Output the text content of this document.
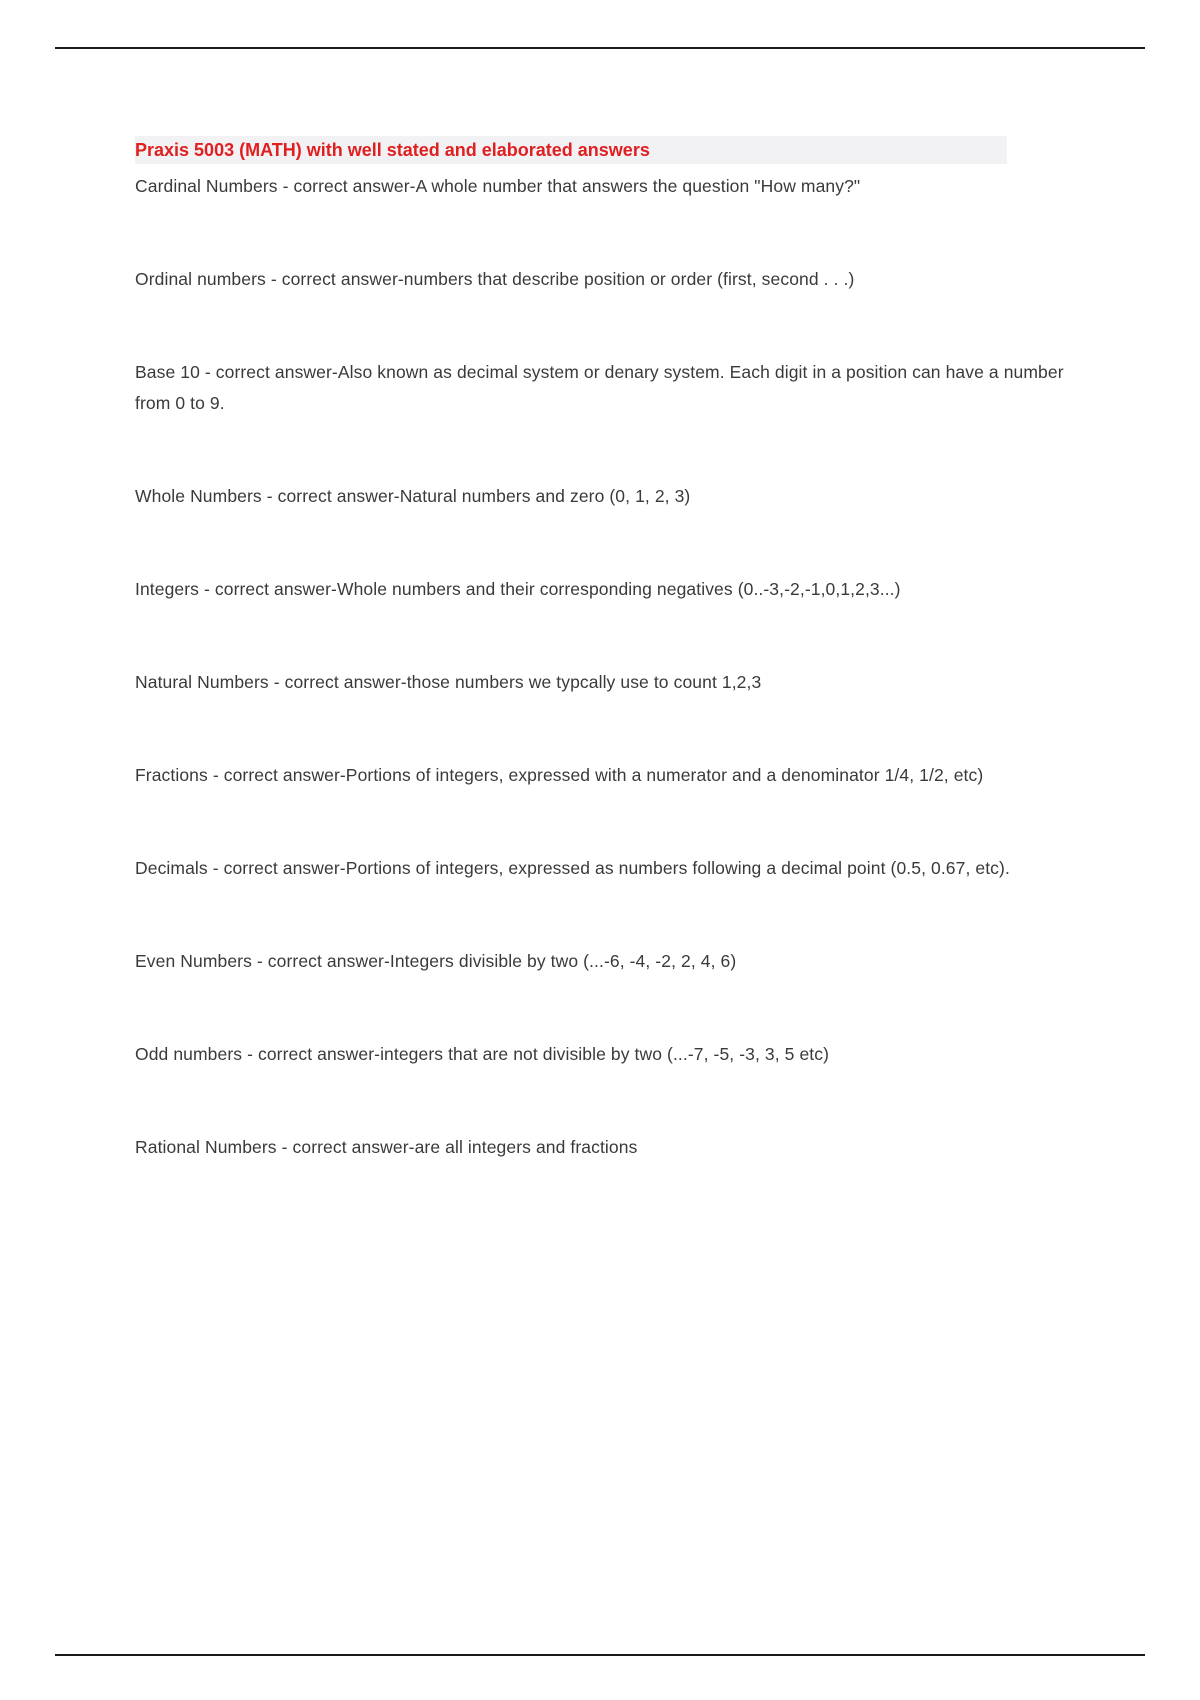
Praxis 5003 (MATH) with well stated and elaborated answers

Cardinal Numbers - correct answer-A whole number that answers the question "How many?"

Ordinal numbers - correct answer-numbers that describe position or order (first, second . . .)

Base 10 - correct answer-Also known as decimal system or denary system. Each digit in a position can have a number from 0 to 9.

Whole Numbers - correct answer-Natural numbers and zero (0, 1, 2, 3)

Integers - correct answer-Whole numbers and their corresponding negatives (0..-3,-2,-1,0,1,2,3...)

Natural Numbers - correct answer-those numbers we typcally use to count 1,2,3

Fractions - correct answer-Portions of integers, expressed with a numerator and a denominator 1/4, 1/2, etc)

Decimals - correct answer-Portions of integers, expressed as numbers following a decimal point (0.5, 0.67, etc).

Even Numbers - correct answer-Integers divisible by two (...-6, -4, -2, 2, 4, 6)

Odd numbers - correct answer-integers that are not divisible by two (...-7, -5, -3, 3, 5 etc)

Rational Numbers - correct answer-are all integers and fractions
